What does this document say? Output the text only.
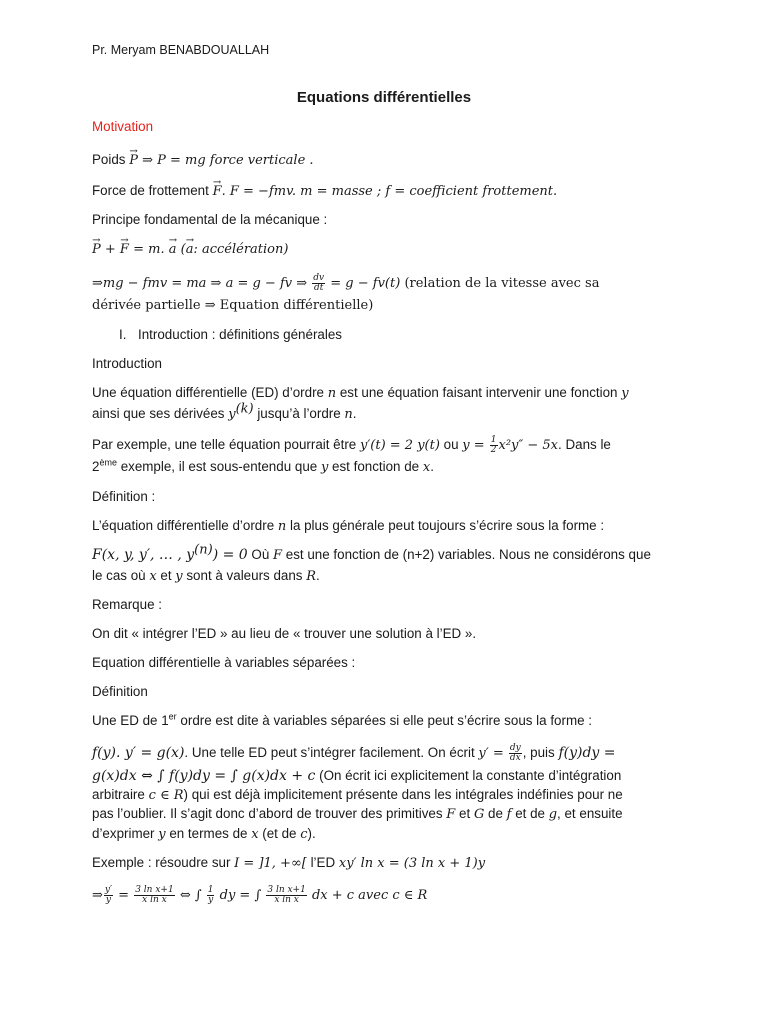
Pr. Meryam BENABDOUALLAH
Equations différentielles
Motivation
Poids → P ⇒ P = mg force verticale .
Force de frottement → F. F = −fmv. m = masse ; f = coefficient frottement.
Principe fondamental de la mécanique :
→ P + → F = m. → a (→ a: accélération)
⇒mg − fmv = ma ⇒ a = g − fv ⇒ $\frac{dv}{dt} = g - fv(t)$ (relation de la vitesse avec sa
dérivée partielle ⇒ Equation différentielle)
I. Introduction : définitions générales
Introduction
Une équation différentielle (ED) d’ordre n est une équation faisant intervenir une fonction y
ainsi que ses dérivées $y^{(k)}$ jusqu’à l’ordre n.
Par exemple, une telle équation pourrait être y′(t) = 2 y(t) ou $y = \frac{1}{2} x^2y'' - 5x$. Dans le
2ème exemple, il est sous-entendu que y est fonction de x.
Définition :
L’équation différentielle d’ordre n la plus générale peut toujours s’écrire sous la forme :
F(x, y, y′, … , $y^{(n)}) = 0$ Où F est une fonction de (n+2) variables. Nous ne considérons que
le cas où x et y sont à valeurs dans R.
Remarque :
On dit « intégrer l’ED » au lieu de « trouver une solution à l’ED ».
Equation différentielle à variables séparées :
Définition
Une ED de 1er ordre est dite à variables séparées si elle peut s’écrire sous la forme :
f(y). y′ = g(x). Une telle ED peut s’intégrer facilement. On écrit $y' = \frac{dy}{dx}$ , puis f(y)dy =
g(x)dx ⇔ ∫ f(y)dy = ∫ g(x)dx + c (On écrit ici explicitement la constante d’intégration
arbitraire c ∈ R) qui est déjà implicitement présente dans les intégrales indéfinies pour ne
pas l’oublier. Il s’agit donc d’abord de trouver des primitives F et G de f et de g, et ensuite
d’exprimer y en termes de x (et de c).
Exemple : résoudre sur I = ]1, +∞[ l’ED xy′ ln x = (3 ln x + 1)y
⇒ $\frac{y'}{y} = \frac{\text{3 ln x+1}}{\text{x ln x}}$ ⇔ ∫ $\frac{1}{y}$ dy = ∫ $\frac{\text{3 ln x+1}}{\text{x ln x}}$ dx + c avec c ∈ R
